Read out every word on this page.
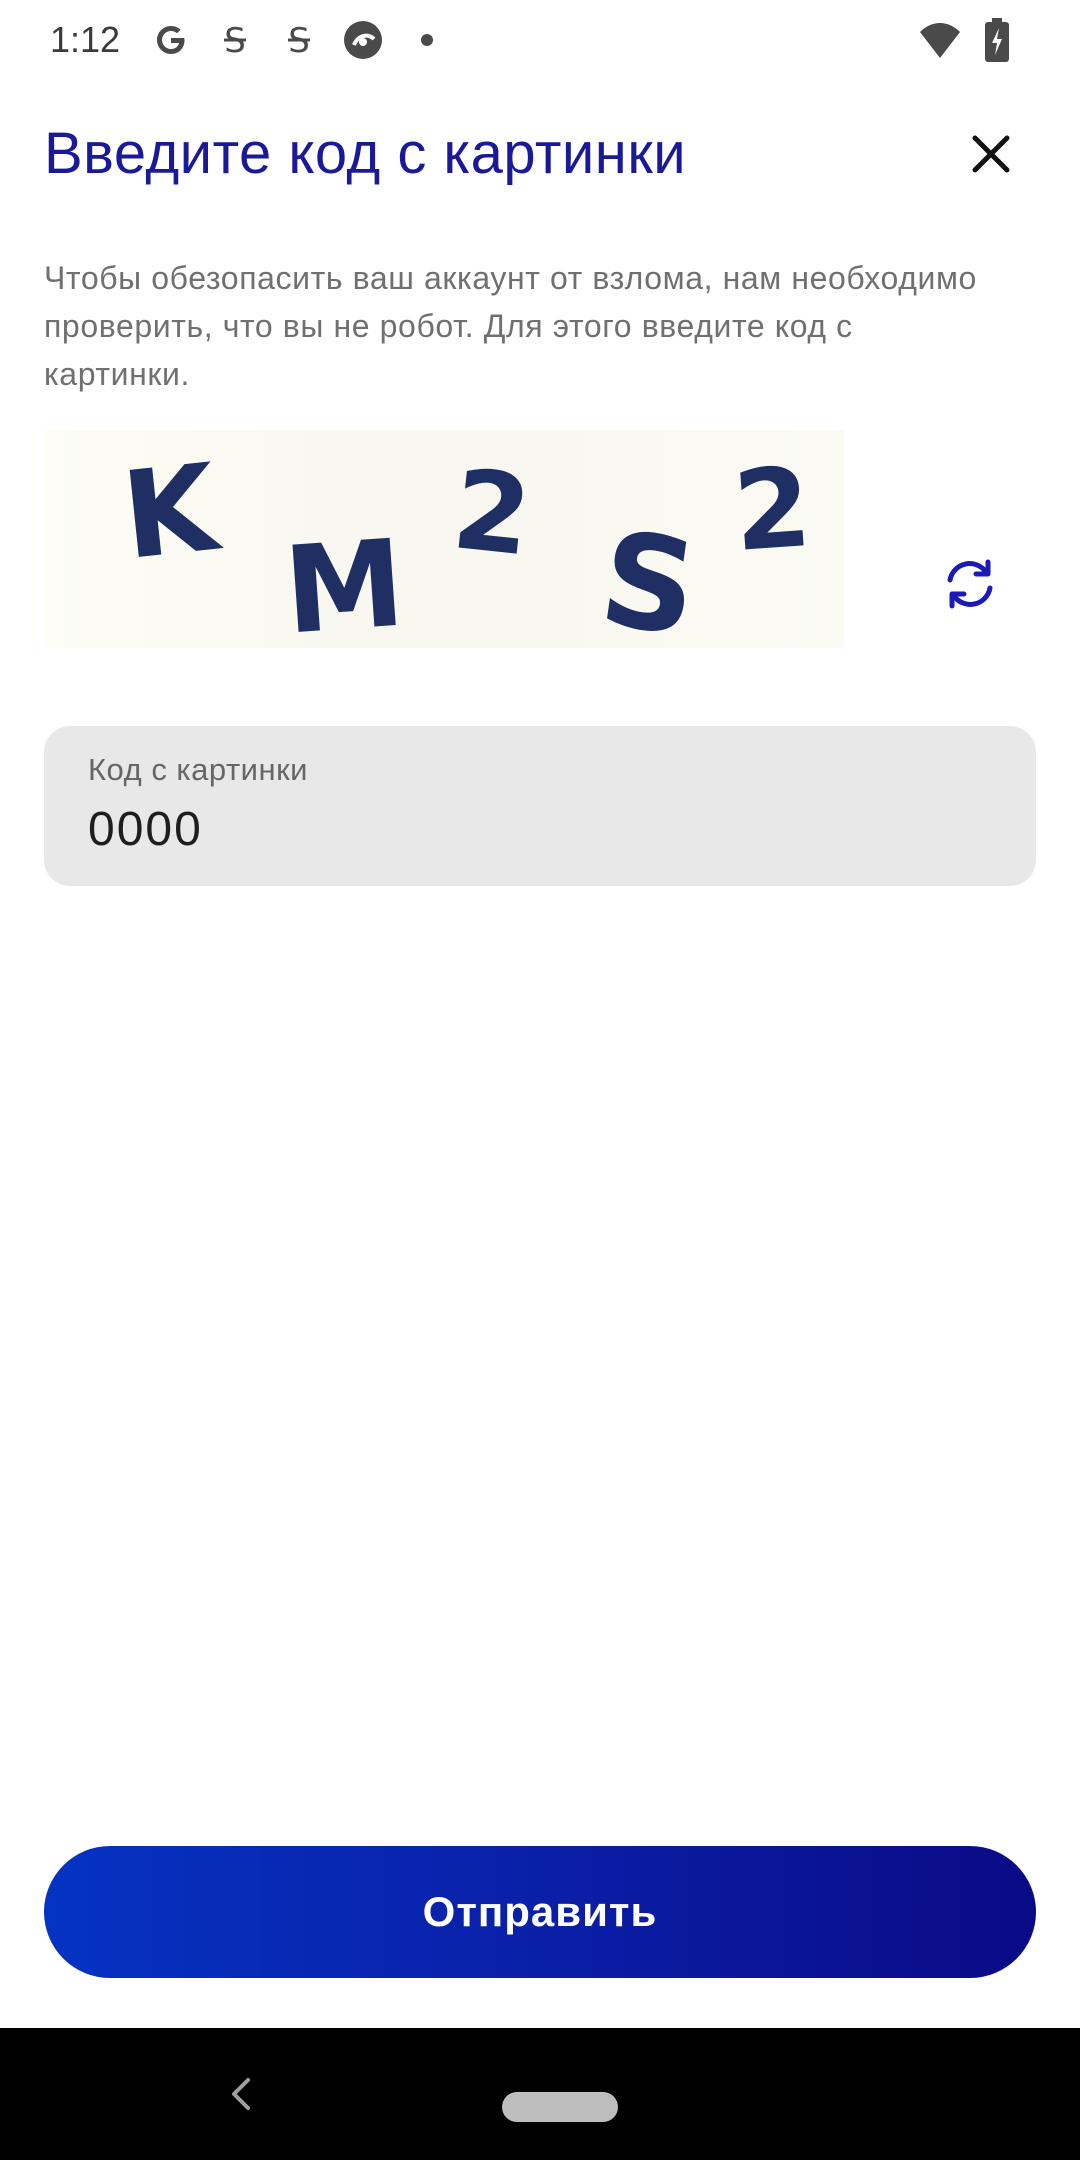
1:12	S S
Введите код с картинки

Чтобы обезопасить ваш аккаунт от взлома, нам необходимо проверить, что вы не робот. Для этого введите код с картинки.

K
M
2 S 2
Код с картинки
0000
Отправить
